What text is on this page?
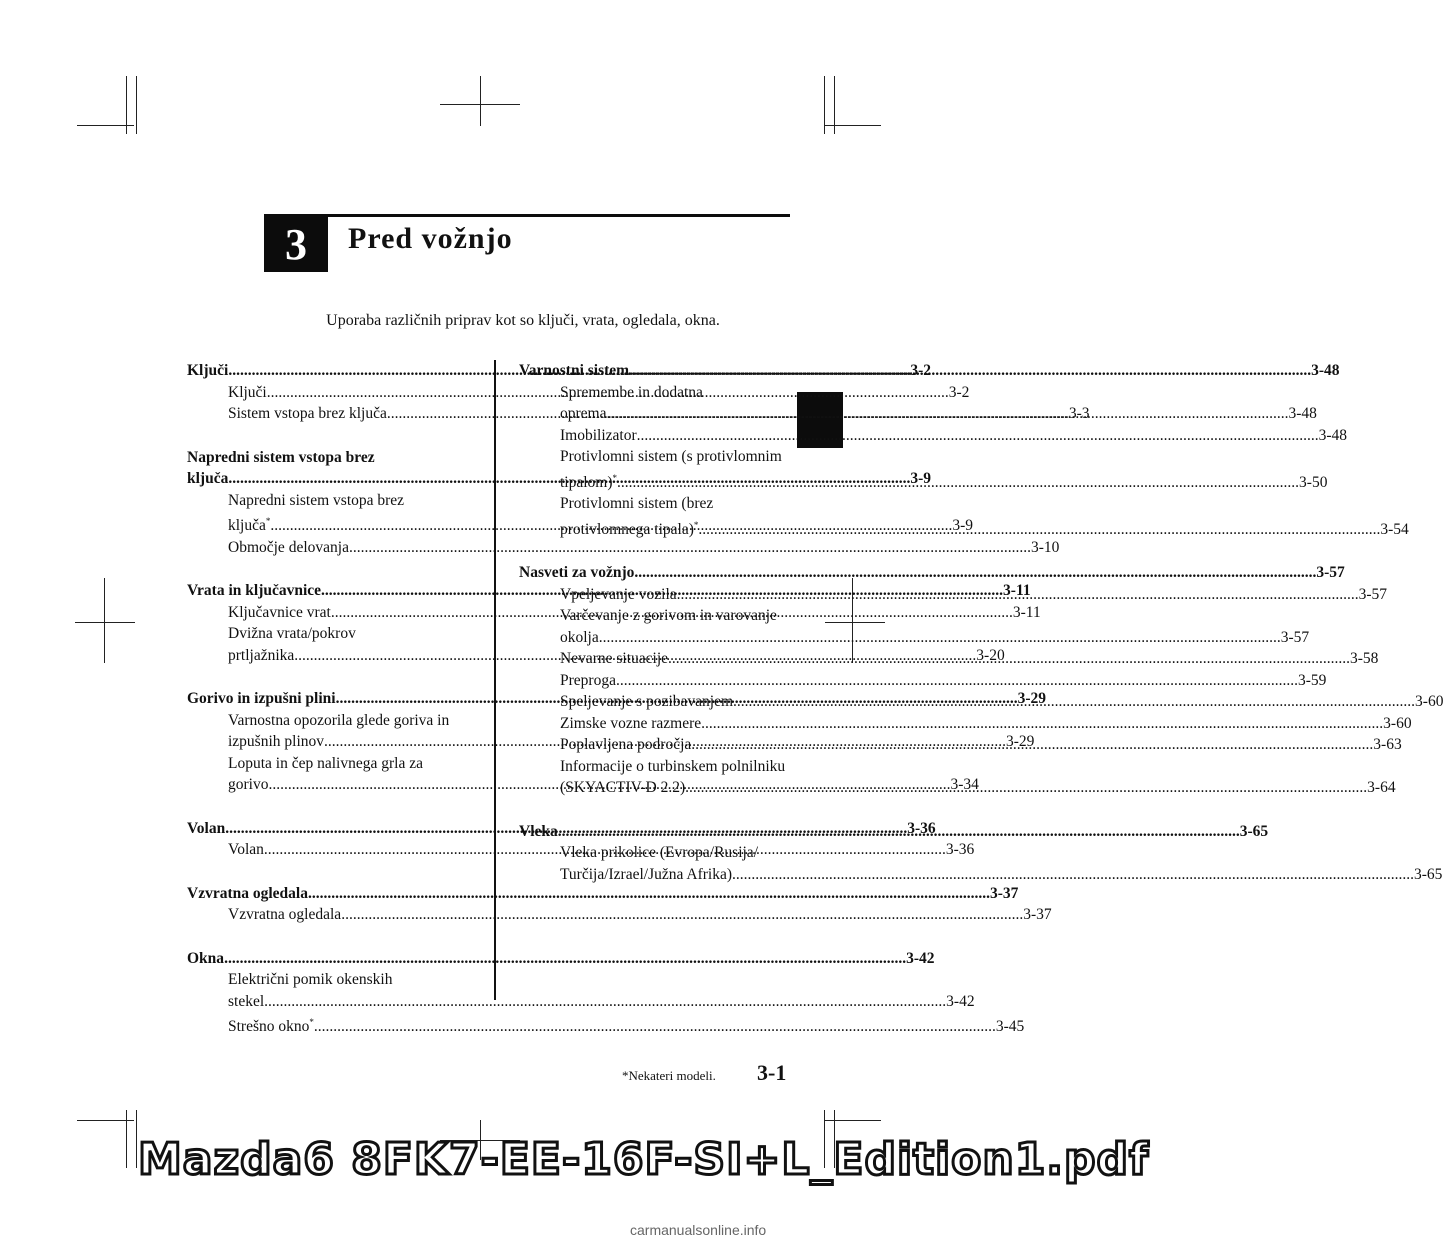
3	Pred vožnjo
Uporaba različnih priprav kot so ključi, vrata, ogledala, okna.
Ključi .....	3-2
Ključi .....	3-2
Sistem vstopa brez ključa .....	3-3
Napredni sistem vstopa brez
ključa .....	3-9
Napredni sistem vstopa brez
ključa* .....	3-9
Območje delovanja .....	3-10
Vrata in ključavnice .....	3-11
Ključavnice vrat .....	3-11
Dvižna vrata/pokrov
prtljažnika .....	3-20
Gorivo in izpušni plini .....	3-29
Varnostna opozorila glede goriva in
izpušnih plinov .....	3-29
Loputa in čep nalivnega grla za
gorivo .....	3-34
Volan .....	3-36
Volan .....	3-36
Vzvratna ogledala .....	3-37
Vzvratna ogledala .....	3-37
Okna .....	3-42
Električni pomik okenskih
stekel .....	3-42
Strešno okno* .....	3-45
Varnostni sistem .....	3-48
Spremembe in dodatna
oprema .....	3-48
Imobilizator .....	3-48
Protivlomni sistem (s protivlomnim
tipalom)* .....	3-50
Protivlomni sistem (brez
protivlomnega tipala)* .....	3-54
Nasveti za vožnjo .....	3-57
Vpeljevanje vozila .....	3-57
Varčevanje z gorivom in varovanje
okolja .....	3-57
Nevarne situacije .....	3-58
Preproga .....	3-59
Speljevanje s pozibavanjem .....	3-60
Zimske vozne razmere .....	3-60
Poplavljena področja .....	3-63
Informacije o turbinskem polnilniku
(SKYACTIV-D 2.2) .....	3-64
Vleka .....	3-65
Vleka prikolice (Evropa/Rusija/
Turčija/Izrael/Južna Afrika) .....	3-65
*Nekateri modeli. 3-1
Mazda6 8FK7-EE-16F-SI+L_Edition1.pdf
carmanualsonline.info
